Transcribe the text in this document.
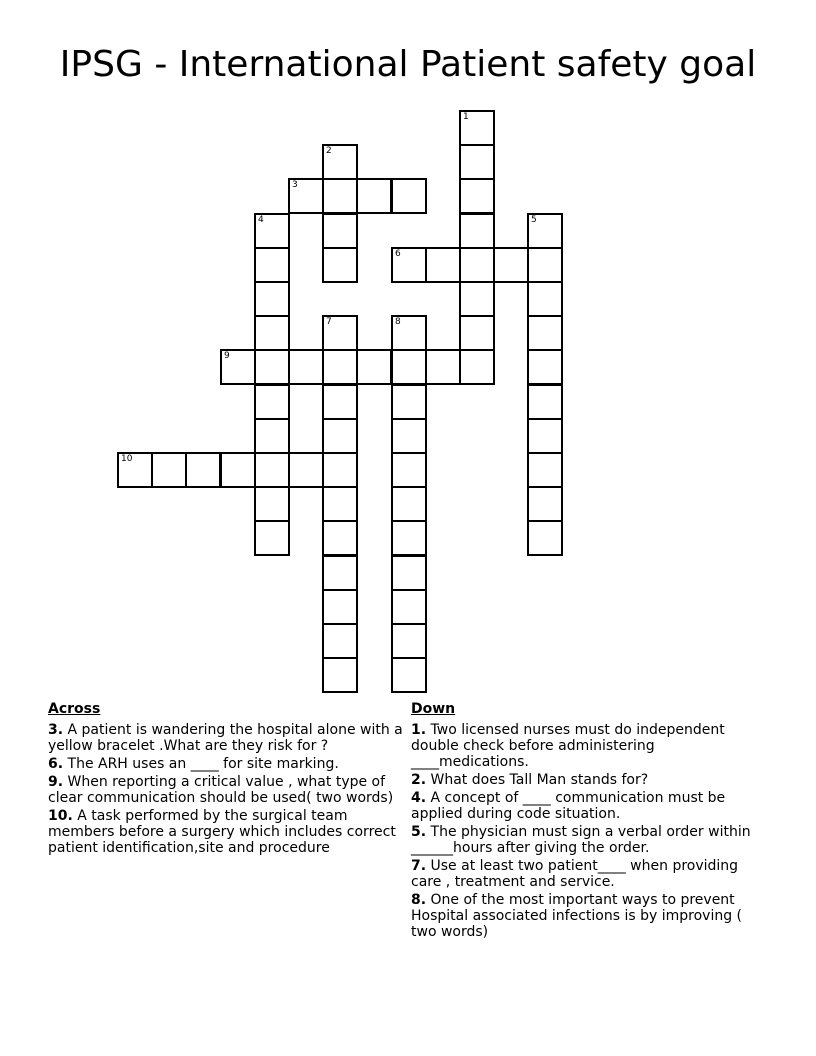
IPSG - International Patient safety goal
1
2
3
4	5
6
7	8
9
10
Across
3. A patient is wandering the hospital alone with a yellow bracelet .What are they risk for ?
6. The ARH uses an ____ for site marking.
9. When reporting a critical value , what type of clear communication should be used( two words)
10. A task performed by the surgical team members before a surgery which includes correct patient identification,site and procedure
Down
1. Two licensed nurses must do independent double check before administering ____medications.
2. What does Tall Man stands for?
4. A concept of ____ communication must be applied during code situation.
5. The physician must sign a verbal order within ______hours after giving the order.
7. Use at least two patient____ when providing care , treatment and service.
8. One of the most important ways to prevent Hospital associated infections is by improving ( two words)
